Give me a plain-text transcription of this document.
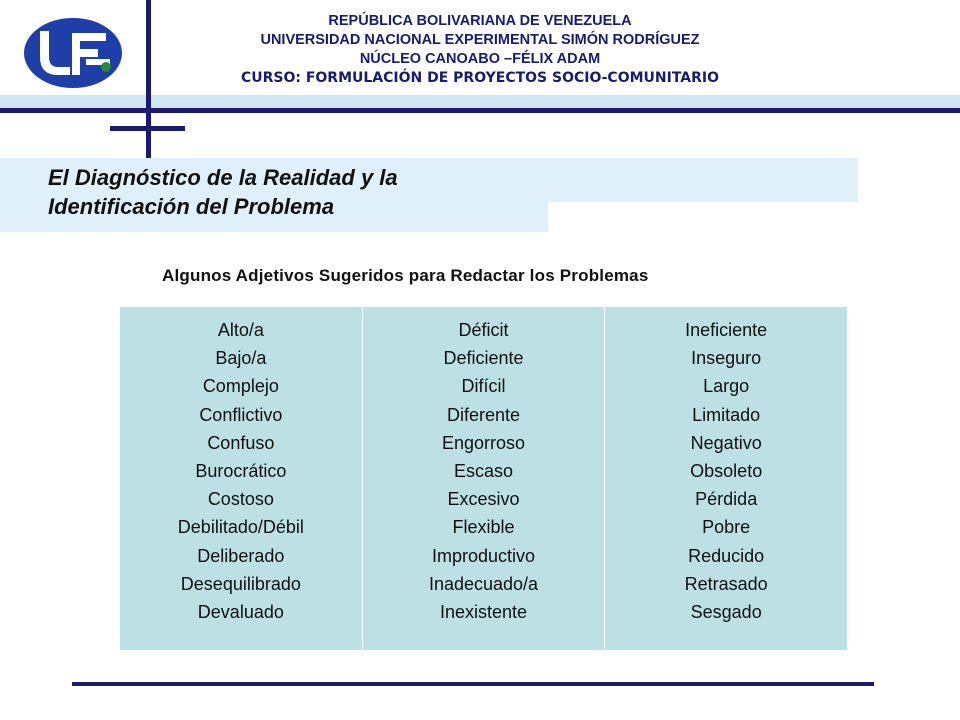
REPÚBLICA BOLIVARIANA DE VENEZUELA
UNIVERSIDAD NACIONAL EXPERIMENTAL SIMÓN RODRÍGUEZ
NÚCLEO CANOABO –FÉLIX ADAM
CURSO: FORMULACIÓN DE PROYECTOS SOCIO-COMUNITARIO
El Diagnóstico de la Realidad y la
Identificación del Problema
Algunos Adjetivos Sugeridos para Redactar los Problemas
Alto/a
Bajo/a
Complejo
Conflictivo
Confuso
Burocrático
Costoso
Debilitado/Débil
Deliberado
Desequilibrado
Devaluado
Déficit
Deficiente
Difícil
Diferente
Engorroso
Escaso
Excesivo
Flexible
Improductivo
Inadecuado/a
Inexistente
Ineficiente
Inseguro
Largo
Limitado
Negativo
Obsoleto
Pérdida
Pobre
Reducido
Retrasado
Sesgado
